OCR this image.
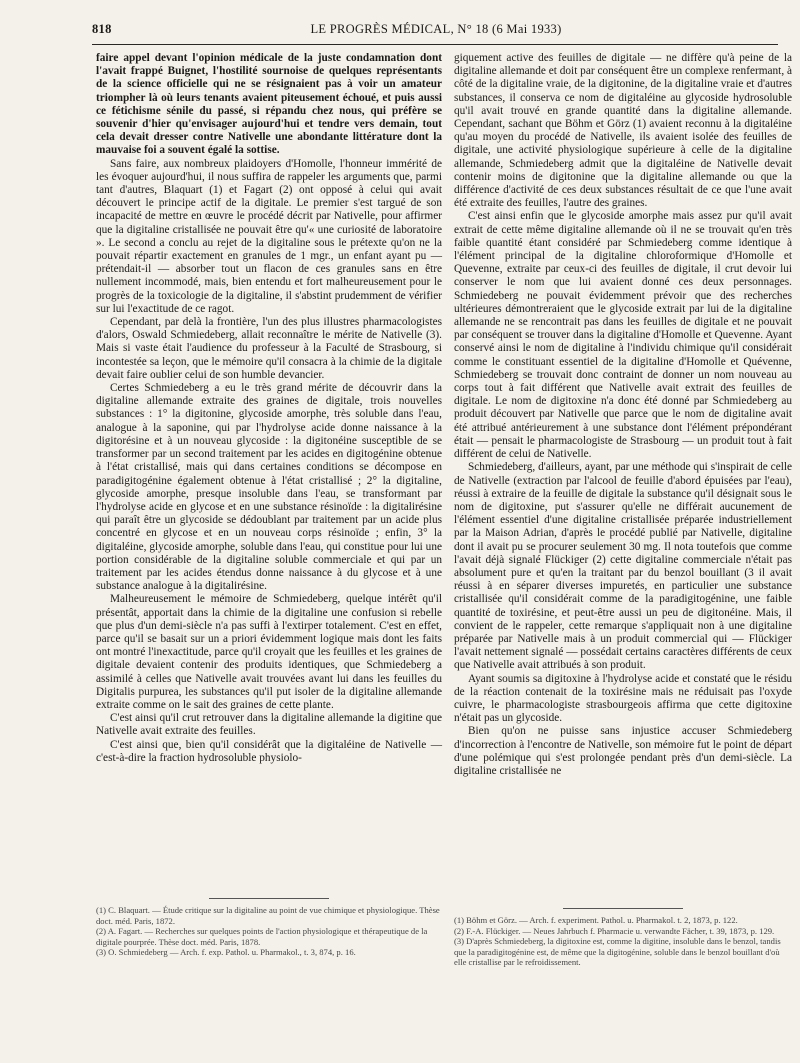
818	LE PROGRÈS MÉDICAL, N° 18 (6 Mai 1933)

faire appel devant l'opinion médicale de la juste condamnation dont l'avait frappé Buignet, l'hostilité sournoise de quelques représentants de la science officielle qui ne se résignaient pas à voir un amateur triompher là où leurs tenants avaient piteusement échoué, et puis aussi ce fétichisme sénile du passé, si répandu chez nous, qui préfère se souvenir d'hier qu'envisager aujourd'hui et tendre vers demain, tout cela devait dresser contre Nativelle une abondante littérature dont la mauvaise foi a souvent égalé la sottise.

Sans faire, aux nombreux plaidoyers d'Homolle, l'honneur immérité de les évoquer aujourd'hui, il nous suffira de rappeler les arguments que, parmi tant d'autres, Blaquart (1) et Fagart (2) ont opposé à celui qui avait découvert le principe actif de la digitale. Le premier s'est targué de son incapacité de mettre en œuvre le procédé décrit par Nativelle, pour affirmer que la digitaline cristallisée ne pouvait être qu'« une curiosité de laboratoire ». Le second a conclu au rejet de la digitaline sous le prétexte qu'on ne la pouvait répartir exactement en granules de 1 mgr., un enfant ayant pu — prétendait-il — absorber tout un flacon de ces granules sans en être nullement incommodé, mais, bien entendu et fort malheureusement pour le progrès de la toxicologie de la digitaline, il s'abstint prudemment de vérifier sur lui l'exactitude de ce ragot.

Cependant, par delà la frontière, l'un des plus illustres pharmacologistes d'alors, Oswald Schmiedeberg, allait reconnaître le mérite de Nativelle (3). Mais si vaste était l'audience du professeur à la Faculté de Strasbourg, si incontestée sa leçon, que le mémoire qu'il consacra à la chimie de la digitale devait faire oublier celui de son humble devancier.

Certes Schmiedeberg a eu le très grand mérite de découvrir dans la digitaline allemande extraite des graines de digitale, trois nouvelles substances : 1° la digitonine, glycoside amorphe, très soluble dans l'eau, analogue à la saponine, qui par l'hydrolyse acide donne naissance à la digitorésine et à un nouveau glycoside : la digitonéine susceptible de se transformer par un second traitement par les acides en digitogénine obtenue à l'état cristallisé, mais qui dans certaines conditions se décompose en paradigitogénine également obtenue à l'état cristallisé ; 2° la digitaline, glycoside amorphe, presque insoluble dans l'eau, se transformant par l'hydrolyse acide en glycose et en une substance résinoïde : la digitalirésine qui paraît être un glycoside se dédoublant par traitement par un acide plus concentré en glycose et en un nouveau corps résinoïde ; enfin, 3° la digitaléine, glycoside amorphe, soluble dans l'eau, qui constitue pour lui une portion considérable de la digitaline soluble commerciale et qui par un traitement par les acides étendus donne naissance à du glycose et à une substance analogue à la digitalirésine.

Malheureusement le mémoire de Schmiedeberg, quelque intérêt qu'il présentât, apportait dans la chimie de la digitaline une confusion si rebelle que plus d'un demi-siècle n'a pas suffi à l'extirper totalement. C'est en effet, parce qu'il se basait sur un a priori évidemment logique mais dont les faits ont montré l'inexactitude, parce qu'il croyait que les feuilles et les graines de digitale devaient contenir des produits identiques, que Schmiedeberg a assimilé à celles que Nativelle avait trouvées avant lui dans les feuilles du Digitalis purpurea, les substances qu'il put isoler de la digitaline allemande extraite comme on le sait des graines de cette plante.

C'est ainsi qu'il crut retrouver dans la digitaline allemande la digitine que Nativelle avait extraite des feuilles.

C'est ainsi que, bien qu'il considérât que la digitaléine de Nativelle — c'est-à-dire la fraction hydrosoluble physiolo-

giquement active des feuilles de digitale — ne diffère qu'à peine de la digitaline allemande et doit par conséquent être un complexe renfermant, à côté de la digitaline vraie, de la digitonine, de la digitaline vraie et d'autres substances, il conserva ce nom de digitaléine au glycoside hydrosoluble qu'il avait trouvé en grande quantité dans la digitaline allemande. Cependant, sachant que Böhm et Görz (1) avaient reconnu à la digitaléine qu'au moyen du procédé de Nativelle, ils avaient isolée des feuilles de digitale, une activité physiologique supérieure à celle de la digitaline allemande, Schmiedeberg admit que la digitaléine de Nativelle devait contenir moins de digitonine que la digitaline allemande ou que la différence d'activité de ces deux substances résultait de ce que l'une avait été extraite des feuilles, l'autre des graines.

C'est ainsi enfin que le glycoside amorphe mais assez pur qu'il avait extrait de cette même digitaline allemande où il ne se trouvait qu'en très faible quantité étant considéré par Schmiedeberg comme identique à l'élément principal de la digitaline chloroformique d'Homolle et Quevenne, extraite par ceux-ci des feuilles de digitale, il crut devoir lui conserver le nom que lui avaient donné ces deux personnages. Schmiedeberg ne pouvait évidemment prévoir que des recherches ultérieures démontreraient que le glycoside extrait par lui de la digitaline allemande ne se rencontrait pas dans les feuilles de digitale et ne pouvait par conséquent se trouver dans la digitaline d'Homolle et Quevenne. Ayant conservé ainsi le nom de digitaline à l'individu chimique qu'il considérait comme le constituant essentiel de la digitaline d'Homolle et Quévenne, Schmiedeberg se trouvait donc contraint de donner un nom nouveau au corps tout à fait différent que Nativelle avait extrait des feuilles de digitale. Le nom de digitoxine n'a donc été donné par Schmiedeberg au produit découvert par Nativelle que parce que le nom de digitaline avait été attribué antérieurement à une substance dont l'élément prépondérant était — pensait le pharmacologiste de Strasbourg — un produit tout à fait différent de celui de Nativelle.

Schmiedeberg, d'ailleurs, ayant, par une méthode qui s'inspirait de celle de Nativelle (extraction par l'alcool de feuille d'abord épuisées par l'eau), réussi à extraire de la feuille de digitale la substance qu'il désignait sous le nom de digitoxine, put s'assurer qu'elle ne différait aucunement de l'élément essentiel d'une digitaline cristallisée préparée industriellement par la Maison Adrian, d'après le procédé publié par Nativelle, digitaline dont il avait pu se procurer seulement 30 mg. Il nota toutefois que comme l'avait déjà signalé Flückiger (2) cette digitaline commerciale n'était pas absolument pure et qu'en la traitant par du benzol bouillant (3 il avait réussi à en séparer diverses impuretés, en particulier une substance cristallisée qu'il considérait comme de la paradigitogénine, une faible quantité de toxirésine, et peut-être aussi un peu de digitonéine. Mais, il convient de le rappeler, cette remarque s'appliquait non à une digitaline préparée par Nativelle mais à un produit commercial qui — Flückiger l'avait nettement signalé — possédait certains caractères différents de ceux que Nativelle avait attribués à son produit.

Ayant soumis sa digitoxine à l'hydrolyse acide et constaté que le résidu de la réaction contenait de la toxirésine mais ne réduisait pas l'oxyde cuivre, le pharmacologiste strasbourgeois affirma que cette digitoxine n'était pas un glycoside.

Bien qu'on ne puisse sans injustice accuser Schmiedeberg d'incorrection à l'encontre de Nativelle, son mémoire fut le point de départ d'une polémique qui s'est prolongée pendant près d'un demi-siècle. La digitaline cristallisée ne

(1) C. Blaquart. — Étude critique sur la digitaline au point de vue chimique et physiologique. Thèse doct. méd. Paris, 1872.

(2) A. Fagart. — Recherches sur quelques points de l'action physiologique et thérapeutique de la digitale pourprée. Thèse doct. méd. Paris, 1878.

(3) O. Schmiedeberg — Arch. f. exp. Pathol. u. Pharmakol., t. 3, 874, p. 16.

(1) Böhm et Görz. — Arch. f. experiment. Pathol. u. Pharmakol. t. 2, 1873, p. 122.

(2) F.-A. Flückiger. — Neues Jahrbuch f. Pharmacie u. verwandte Fächer, t. 39, 1873, p. 129.

(3) D'après Schmiedeberg, la digitoxine est, comme la digitine, insoluble dans le benzol, tandis que la paradigitogénine est, de même que la digitogénine, soluble dans le benzol bouillant d'où elle cristallise par le refroidissement.
